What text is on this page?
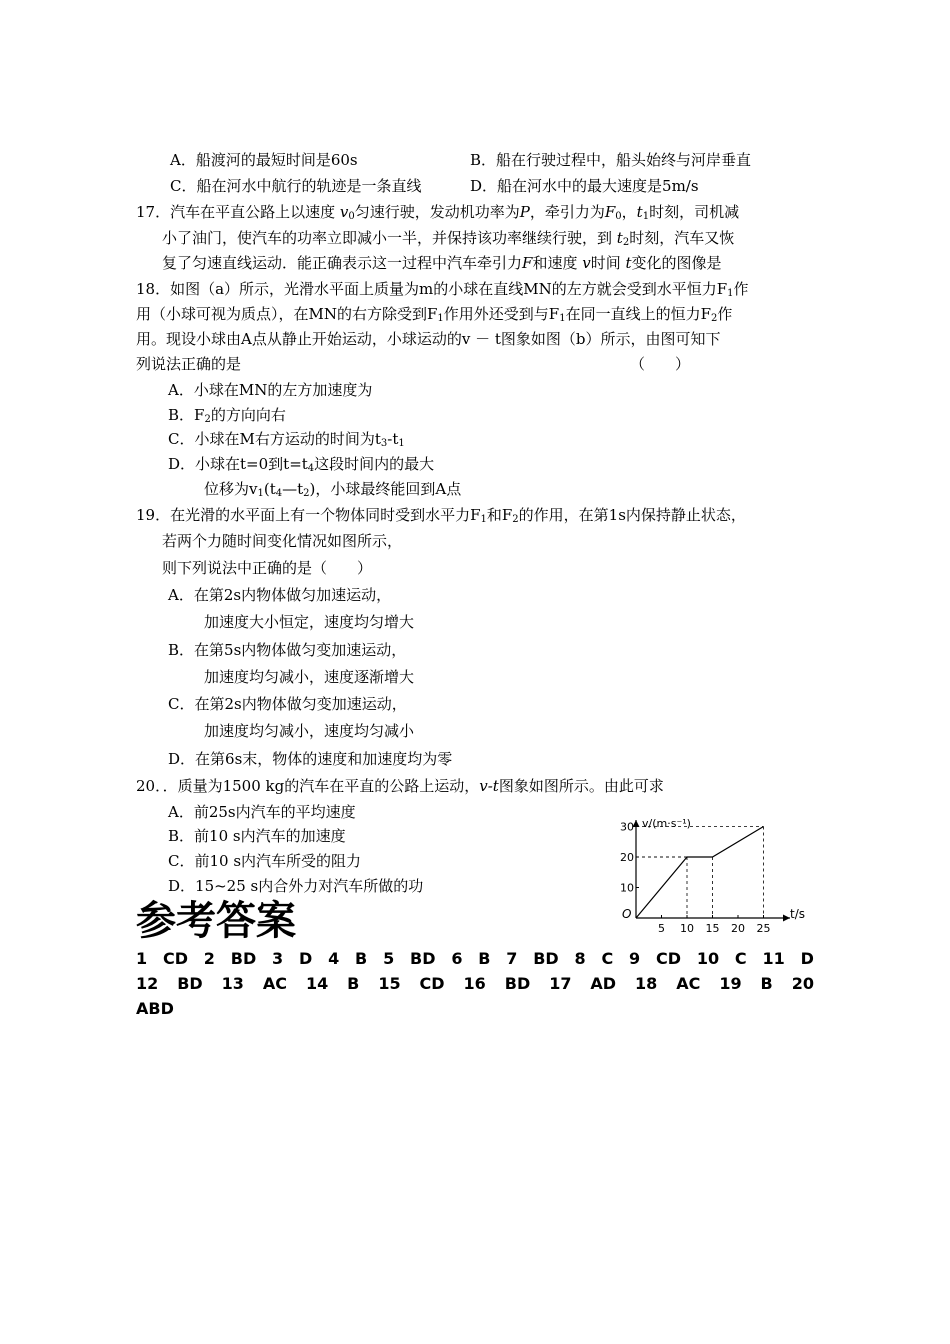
A．船渡河的最短时间是60s	B．船在行驶过程中，船头始终与河岸垂直
C．船在河水中航行的轨迹是一条直线	D．船在河水中的最大速度是5m/s
17．汽车在平直公路上以速度 $v_0$匀速行驶，发动机功率为P，牵引力为$F_0$，$t_1$时刻，司机减
小了油门，使汽车的功率立即减小一半，并保持该功率继续行驶，到 $t_2$时刻，汽车又恢
复了匀速直线运动．能正确表示这一过程中汽车牵引力F和速度 v时间 t变化的图像是
18．如图（a）所示，光滑水平面上质量为m的小球在直线MN的左方就会受到水平恒力$F_1$作
用（小球可视为质点），在MN的右方除受到$F_1$作用外还受到与$F_1$在同一直线上的恒力$F_2$作
用。现设小球由A点从静止开始运动，小球运动的v － t图象如图（b）所示，由图可知下
列说法正确的是	（　　）
A．小球在MN的左方加速度为
B．$F_2$的方向向右
C．小球在M右方运动的时间为$t_3-t_1$
D．小球在t=0到$t=t_4$这段时间内的最大
位移为$v_1(t_4—t_2)$，小球最终能回到A点
19．在光滑的水平面上有一个物体同时受到水平力$F_1$和$F_2$的作用，在第1s内保持静止状态，
若两个力随时间变化情况如图所示，
则下列说法中正确的是（　　）
A．在第2s内物体做匀加速运动，
加速度大小恒定，速度均匀增大
B．在第5s内物体做匀变加速运动，
加速度均匀减小，速度逐渐增大
C．在第2s内物体做匀变加速运动，
加速度均匀减小，速度均匀减小
D．在第6s末，物体的速度和加速度均为零
20．．质量为1500 kg的汽车在平直的公路上运动，v-t图象如图所示。由此可求
A．前25s内汽车的平均速度
B．前10 s内汽车的加速度
C．前10 s内汽车所受的阻力
D．15~25 s内合外力对汽车所做的功
v/(m·s⁻¹)
t/s
O
5 10 15 20 25
10
20
30
参考答案
1 CD 2 BD 3 D 4 B 5 BD 6 B 7 BD 8 C 9 CD 10 C 11 D
12 BD 13 AC 14 B 15 CD 16 BD 17 AD 18 AC 19 B 20
ABD
